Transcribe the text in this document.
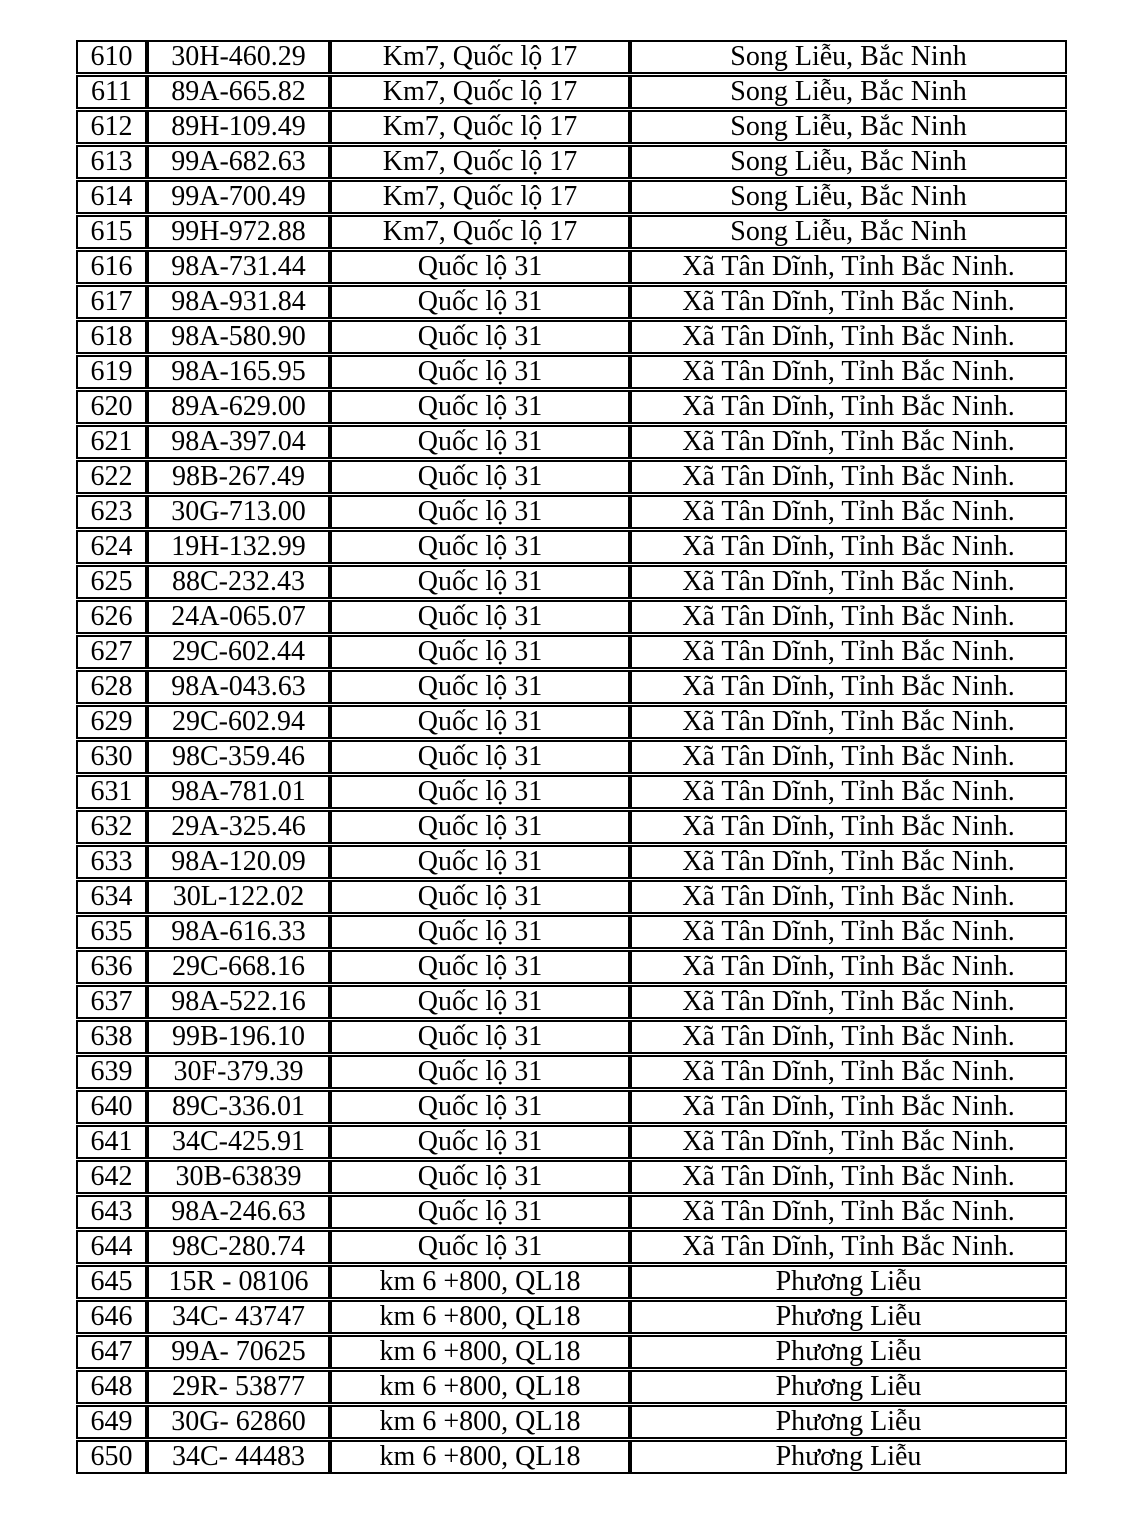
610	30H-460.29	Km7, Quốc lộ 17	Song Liễu, Bắc Ninh
611	89A-665.82	Km7, Quốc lộ 17	Song Liễu, Bắc Ninh
612	89H-109.49	Km7, Quốc lộ 17	Song Liễu, Bắc Ninh
613	99A-682.63	Km7, Quốc lộ 17	Song Liễu, Bắc Ninh
614	99A-700.49	Km7, Quốc lộ 17	Song Liễu, Bắc Ninh
615	99H-972.88	Km7, Quốc lộ 17	Song Liễu, Bắc Ninh
616	98A-731.44	Quốc lộ 31	Xã Tân Dĩnh, Tỉnh Bắc Ninh.
617	98A-931.84	Quốc lộ 31	Xã Tân Dĩnh, Tỉnh Bắc Ninh.
618	98A-580.90	Quốc lộ 31	Xã Tân Dĩnh, Tỉnh Bắc Ninh.
619	98A-165.95	Quốc lộ 31	Xã Tân Dĩnh, Tỉnh Bắc Ninh.
620	89A-629.00	Quốc lộ 31	Xã Tân Dĩnh, Tỉnh Bắc Ninh.
621	98A-397.04	Quốc lộ 31	Xã Tân Dĩnh, Tỉnh Bắc Ninh.
622	98B-267.49	Quốc lộ 31	Xã Tân Dĩnh, Tỉnh Bắc Ninh.
623	30G-713.00	Quốc lộ 31	Xã Tân Dĩnh, Tỉnh Bắc Ninh.
624	19H-132.99	Quốc lộ 31	Xã Tân Dĩnh, Tỉnh Bắc Ninh.
625	88C-232.43	Quốc lộ 31	Xã Tân Dĩnh, Tỉnh Bắc Ninh.
626	24A-065.07	Quốc lộ 31	Xã Tân Dĩnh, Tỉnh Bắc Ninh.
627	29C-602.44	Quốc lộ 31	Xã Tân Dĩnh, Tỉnh Bắc Ninh.
628	98A-043.63	Quốc lộ 31	Xã Tân Dĩnh, Tỉnh Bắc Ninh.
629	29C-602.94	Quốc lộ 31	Xã Tân Dĩnh, Tỉnh Bắc Ninh.
630	98C-359.46	Quốc lộ 31	Xã Tân Dĩnh, Tỉnh Bắc Ninh.
631	98A-781.01	Quốc lộ 31	Xã Tân Dĩnh, Tỉnh Bắc Ninh.
632	29A-325.46	Quốc lộ 31	Xã Tân Dĩnh, Tỉnh Bắc Ninh.
633	98A-120.09	Quốc lộ 31	Xã Tân Dĩnh, Tỉnh Bắc Ninh.
634	30L-122.02	Quốc lộ 31	Xã Tân Dĩnh, Tỉnh Bắc Ninh.
635	98A-616.33	Quốc lộ 31	Xã Tân Dĩnh, Tỉnh Bắc Ninh.
636	29C-668.16	Quốc lộ 31	Xã Tân Dĩnh, Tỉnh Bắc Ninh.
637	98A-522.16	Quốc lộ 31	Xã Tân Dĩnh, Tỉnh Bắc Ninh.
638	99B-196.10	Quốc lộ 31	Xã Tân Dĩnh, Tỉnh Bắc Ninh.
639	30F-379.39	Quốc lộ 31	Xã Tân Dĩnh, Tỉnh Bắc Ninh.
640	89C-336.01	Quốc lộ 31	Xã Tân Dĩnh, Tỉnh Bắc Ninh.
641	34C-425.91	Quốc lộ 31	Xã Tân Dĩnh, Tỉnh Bắc Ninh.
642	30B-63839	Quốc lộ 31	Xã Tân Dĩnh, Tỉnh Bắc Ninh.
643	98A-246.63	Quốc lộ 31	Xã Tân Dĩnh, Tỉnh Bắc Ninh.
644	98C-280.74	Quốc lộ 31	Xã Tân Dĩnh, Tỉnh Bắc Ninh.
645	15R - 08106	km 6 +800, QL18	Phương Liễu
646	34C- 43747	km 6 +800, QL18	Phương Liễu
647	99A- 70625	km 6 +800, QL18	Phương Liễu
648	29R- 53877	km 6 +800, QL18	Phương Liễu
649	30G- 62860	km 6 +800, QL18	Phương Liễu
650	34C- 44483	km 6 +800, QL18	Phương Liễu
